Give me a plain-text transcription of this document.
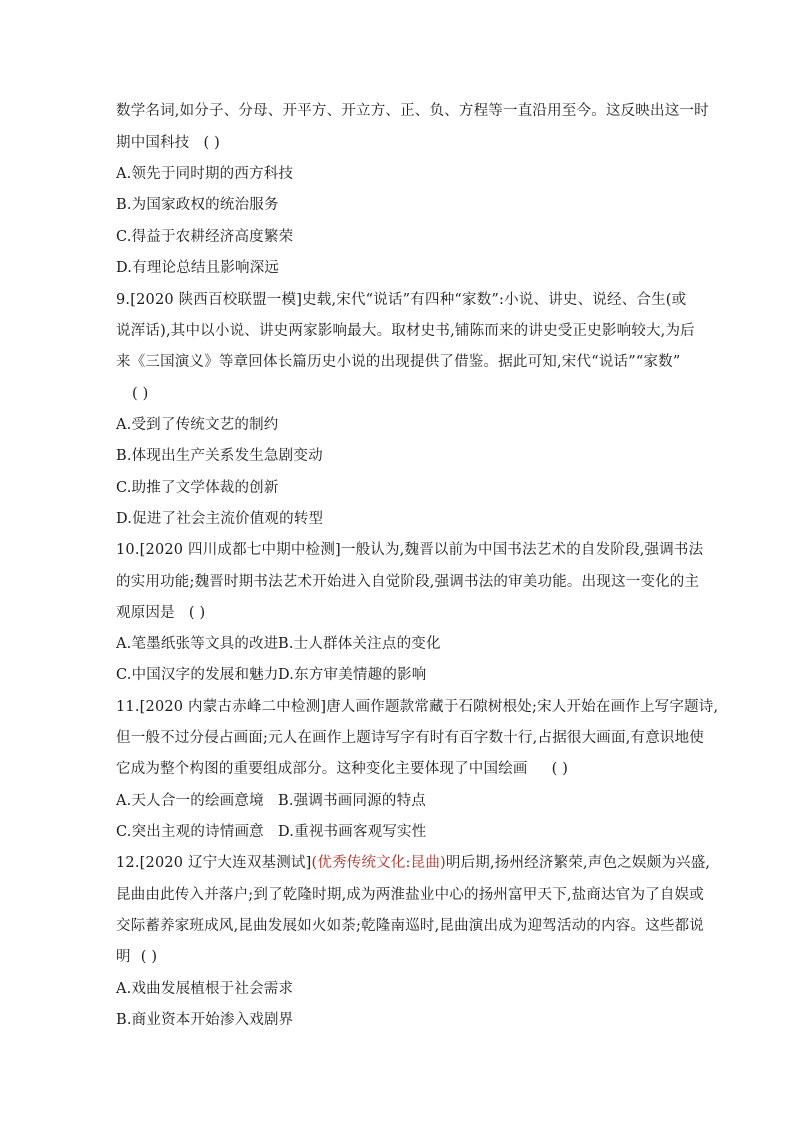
数学名词,如分子、分母、开平方、开立方、正、负、方程等一直沿用至今。这反映出这一时
期中国科技 ( )
A.领先于同时期的西方科技
B.为国家政权的统治服务
C.得益于农耕经济高度繁荣
D.有理论总结且影响深远
9.[2020 陕西百校联盟一模]史载,宋代“说话”有四种“家数”:小说、讲史、说经、合生(或
说浑话),其中以小说、讲史两家影响最大。取材史书,铺陈而来的讲史受正史影响较大,为后
来《三国演义》等章回体长篇历史小说的出现提供了借鉴。据此可知,宋代“说话”“家数”
( )
A.受到了传统文艺的制约
B.体现出生产关系发生急剧变动
C.助推了文学体裁的创新
D.促进了社会主流价值观的转型
10.[2020 四川成都七中期中检测]一般认为,魏晋以前为中国书法艺术的自发阶段,强调书法
的实用功能;魏晋时期书法艺术开始进入自觉阶段,强调书法的审美功能。出现这一变化的主
观原因是 ( )
A.笔墨纸张等文具的改进 B.士人群体关注点的变化
C.中国汉字的发展和魅力 D.东方审美情趣的影响
11.[2020 内蒙古赤峰二中检测]唐人画作题款常藏于石隙树根处;宋人开始在画作上写字题诗,
但一般不过分侵占画面;元人在画作上题诗写字有时有百字数十行,占据很大画面,有意识地使
它成为整个构图的重要组成部分。这种变化主要体现了中国绘画 ( )
A.天人合一的绘画意境 B.强调书画同源的特点
C.突出主观的诗情画意 D.重视书画客观写实性
12.[2020 辽宁大连双基测试](优秀传统文化:昆曲)明后期,扬州经济繁荣,声色之娱颇为兴盛,
昆曲由此传入并落户;到了乾隆时期,成为两淮盐业中心的扬州富甲天下,盐商达官为了自娱或
交际蓄养家班成风,昆曲发展如火如荼;乾隆南巡时,昆曲演出成为迎驾活动的内容。这些都说
明 ( )
A.戏曲发展植根于社会需求
B.商业资本开始渗入戏剧界
